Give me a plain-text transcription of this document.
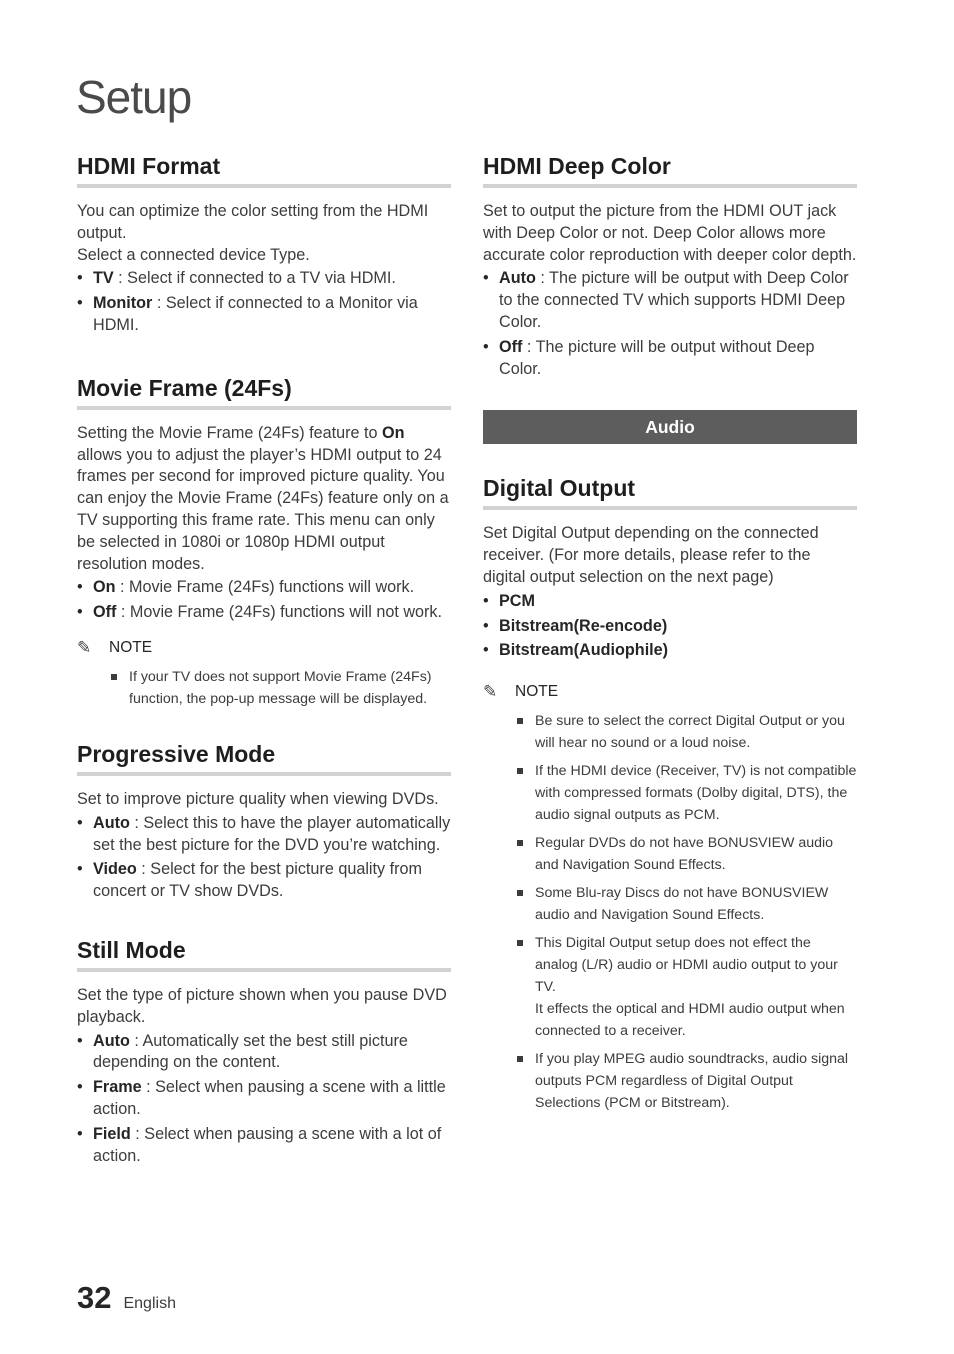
Setup
HDMI Format

You can optimize the color setting from the HDMI output.

Select a connected device Type.

• TV : Select if connected to a TV via HDMI.
• Monitor : Select if connected to a Monitor via HDMI.
Movie Frame (24Fs)

Setting the Movie Frame (24Fs) feature to On allows you to adjust the player’s HDMI output to 24 frames per second for improved picture quality. You can enjoy the Movie Frame (24Fs) feature only on a TV supporting this frame rate. This menu can only be selected in 1080i or 1080p HDMI output resolution modes.

• On : Movie Frame (24Fs) functions will work.
• Off : Movie Frame (24Fs) functions will not work.
✎	NOTE
If your TV does not support Movie Frame (24Fs) function, the pop-up message will be displayed.
Progressive Mode

Set to improve picture quality when viewing DVDs.

• Auto : Select this to have the player automatically set the best picture for the DVD you’re watching.
• Video : Select for the best picture quality from concert or TV show DVDs.
Still Mode

Set the type of picture shown when you pause DVD playback.

• Auto : Automatically set the best still picture depending on the content.
• Frame : Select when pausing a scene with a little action.
• Field : Select when pausing a scene with a lot of action.
HDMI Deep Color

Set to output the picture from the HDMI OUT jack with Deep Color or not. Deep Color allows more accurate color reproduction with deeper color depth.

• Auto : The picture will be output with Deep Color to the connected TV which supports HDMI Deep Color.
• Off : The picture will be output without Deep Color.
Audio
Digital Output

Set Digital Output depending on the connected receiver. (For more details, please refer to the digital output selection on the next page)

• PCM
• Bitstream(Re-encode)
• Bitstream(Audiophile)
✎	NOTE
Be sure to select the correct Digital Output or you will hear no sound or a loud noise.
If the HDMI device (Receiver, TV) is not compatible with compressed formats (Dolby digital, DTS), the audio signal outputs as PCM.
Regular DVDs do not have BONUSVIEW audio and Navigation Sound Effects.
Some Blu-ray Discs do not have BONUSVIEW audio and Navigation Sound Effects.
This Digital Output setup does not effect the analog (L/R) audio or HDMI audio output to your TV.
It effects the optical and HDMI audio output when connected to a receiver.
If you play MPEG audio soundtracks, audio signal outputs PCM regardless of Digital Output Selections (PCM or Bitstream).
32 English
